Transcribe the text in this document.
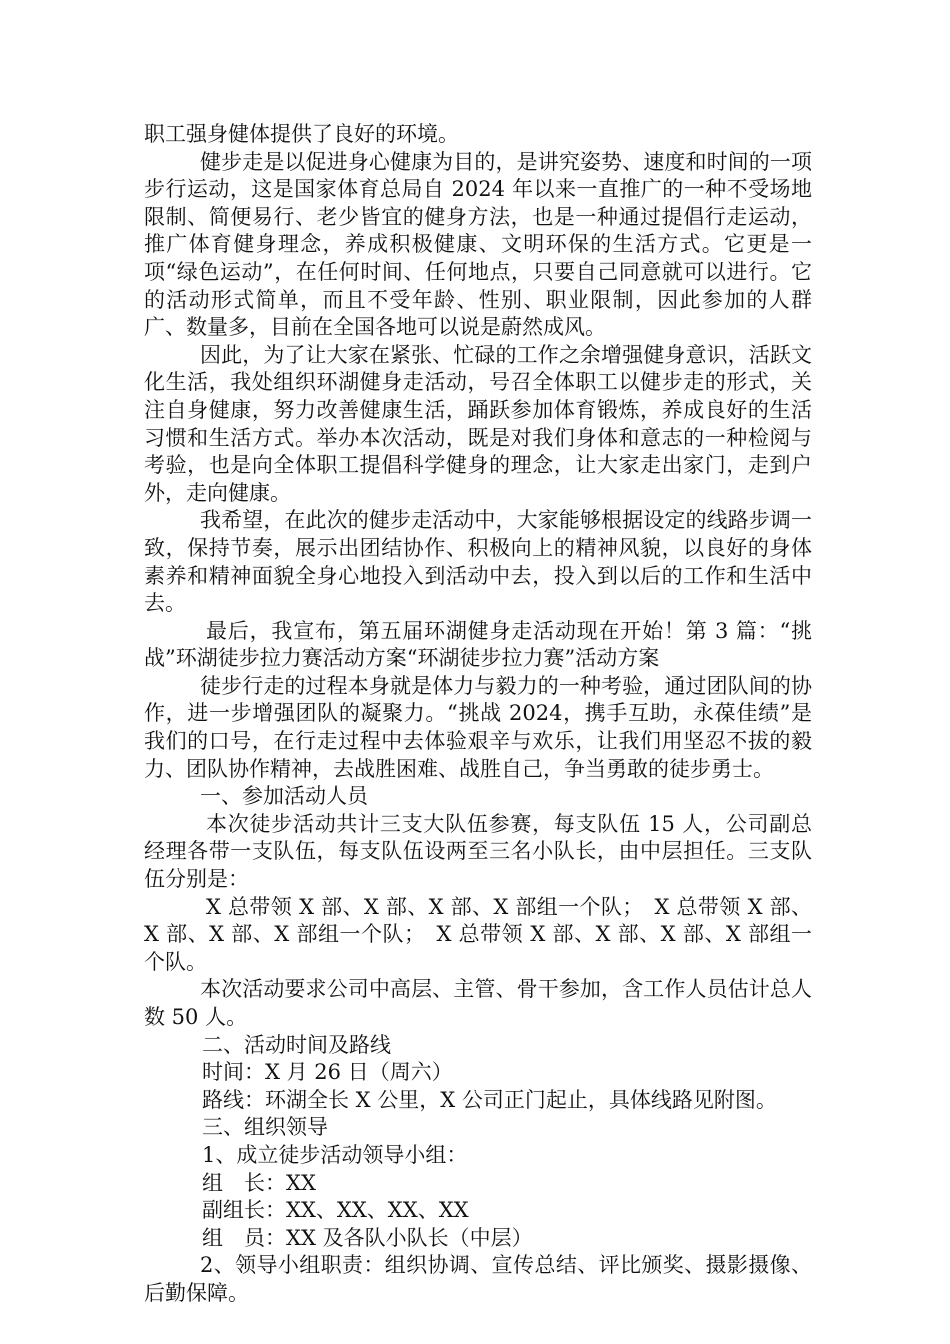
职工强身健体提供了良好的环境。

健步走是以促进身心健康为目的，是讲究姿势、速度和时间的一项步行运动，这是国家体育总局自 2024 年以来一直推广的一种不受场地限制、简便易行、老少皆宜的健身方法，也是一种通过提倡行走运动，推广体育健身理念，养成积极健康、文明环保的生活方式。它更是一项“绿色运动”，在任何时间、任何地点，只要自己同意就可以进行。它的活动形式简单，而且不受年龄、性别、职业限制，因此参加的人群广、数量多，目前在全国各地可以说是蔚然成风。

因此，为了让大家在紧张、忙碌的工作之余增强健身意识，活跃文化生活，我处组织环湖健身走活动，号召全体职工以健步走的形式，关注自身健康，努力改善健康生活，踊跃参加体育锻炼，养成良好的生活习惯和生活方式。举办本次活动，既是对我们身体和意志的一种检阅与考验，也是向全体职工提倡科学健身的理念，让大家走出家门，走到户外，走向健康。

我希望，在此次的健步走活动中，大家能够根据设定的线路步调一致，保持节奏，展示出团结协作、积极向上的精神风貌，以良好的身体素养和精神面貌全身心地投入到活动中去，投入到以后的工作和生活中去。

最后，我宣布，第五届环湖健身走活动现在开始！第 3 篇：“挑战”环湖徒步拉力赛活动方案“环湖徒步拉力赛”活动方案

徒步行走的过程本身就是体力与毅力的一种考验，通过团队间的协作，进一步增强团队的凝聚力。“挑战 2024，携手互助，永葆佳绩”是我们的口号，在行走过程中去体验艰辛与欢乐，让我们用坚忍不拔的毅力、团队协作精神，去战胜困难、战胜自己，争当勇敢的徒步勇士。

一、参加活动人员

本次徒步活动共计三支大队伍参赛，每支队伍 15 人，公司副总经理各带一支队伍，每支队伍设两至三名小队长，由中层担任。三支队伍分别是：

X 总带领 X 部、X 部、X 部、X 部组一个队；　X 总带领 X 部、X 部、X 部、X 部组一个队；　X 总带领 X 部、X 部、X 部、X 部组一个队。

本次活动要求公司中高层、主管、骨干参加，含工作人员估计总人数 50 人。

二、活动时间及路线

时间：X 月 26 日（周六）

路线：环湖全长 X 公里，X 公司正门起止，具体线路见附图。

三、组织领导

1、成立徒步活动领导小组：

组　长：XX

副组长：XX、XX、XX、XX

组　员：XX 及各队小队长（中层）

2、领导小组职责：组织协调、宣传总结、评比颁奖、摄影摄像、后勤保障。
